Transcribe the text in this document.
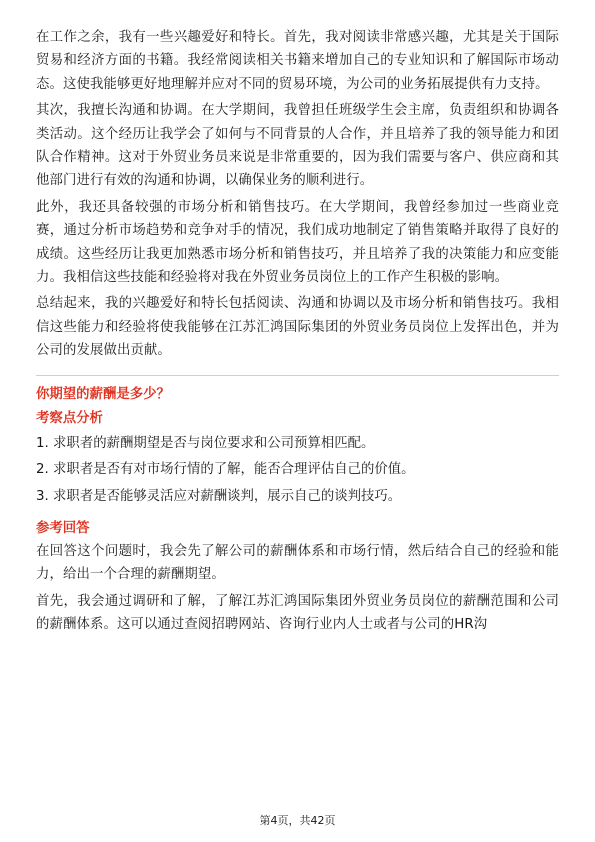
在工作之余，我有一些兴趣爱好和特长。首先，我对阅读非常感兴趣，尤其是关于国际贸易和经济方面的书籍。我经常阅读相关书籍来增加自己的专业知识和了解国际市场动态。这使我能够更好地理解并应对不同的贸易环境，为公司的业务拓展提供有力支持。

其次，我擅长沟通和协调。在大学期间，我曾担任班级学生会主席，负责组织和协调各类活动。这个经历让我学会了如何与不同背景的人合作，并且培养了我的领导能力和团队合作精神。这对于外贸业务员来说是非常重要的，因为我们需要与客户、供应商和其他部门进行有效的沟通和协调，以确保业务的顺利进行。

此外，我还具备较强的市场分析和销售技巧。在大学期间，我曾经参加过一些商业竞赛，通过分析市场趋势和竞争对手的情况，我们成功地制定了销售策略并取得了良好的成绩。这些经历让我更加熟悉市场分析和销售技巧，并且培养了我的决策能力和应变能力。我相信这些技能和经验将对我在外贸业务员岗位上的工作产生积极的影响。

总结起来，我的兴趣爱好和特长包括阅读、沟通和协调以及市场分析和销售技巧。我相信这些能力和经验将使我能够在江苏汇鸿国际集团的外贸业务员岗位上发挥出色，并为公司的发展做出贡献。

你期望的薪酬是多少？
考察点分析
1. 求职者的薪酬期望是否与岗位要求和公司预算相匹配。
2. 求职者是否有对市场行情的了解，能否合理评估自己的价值。
3. 求职者是否能够灵活应对薪酬谈判，展示自己的谈判技巧。
参考回答

在回答这个问题时，我会先了解公司的薪酬体系和市场行情，然后结合自己的经验和能力，给出一个合理的薪酬期望。

首先，我会通过调研和了解，了解江苏汇鸿国际集团外贸业务员岗位的薪酬范围和公司的薪酬体系。这可以通过查阅招聘网站、咨询行业内人士或者与公司的HR沟

第4页，共42页
